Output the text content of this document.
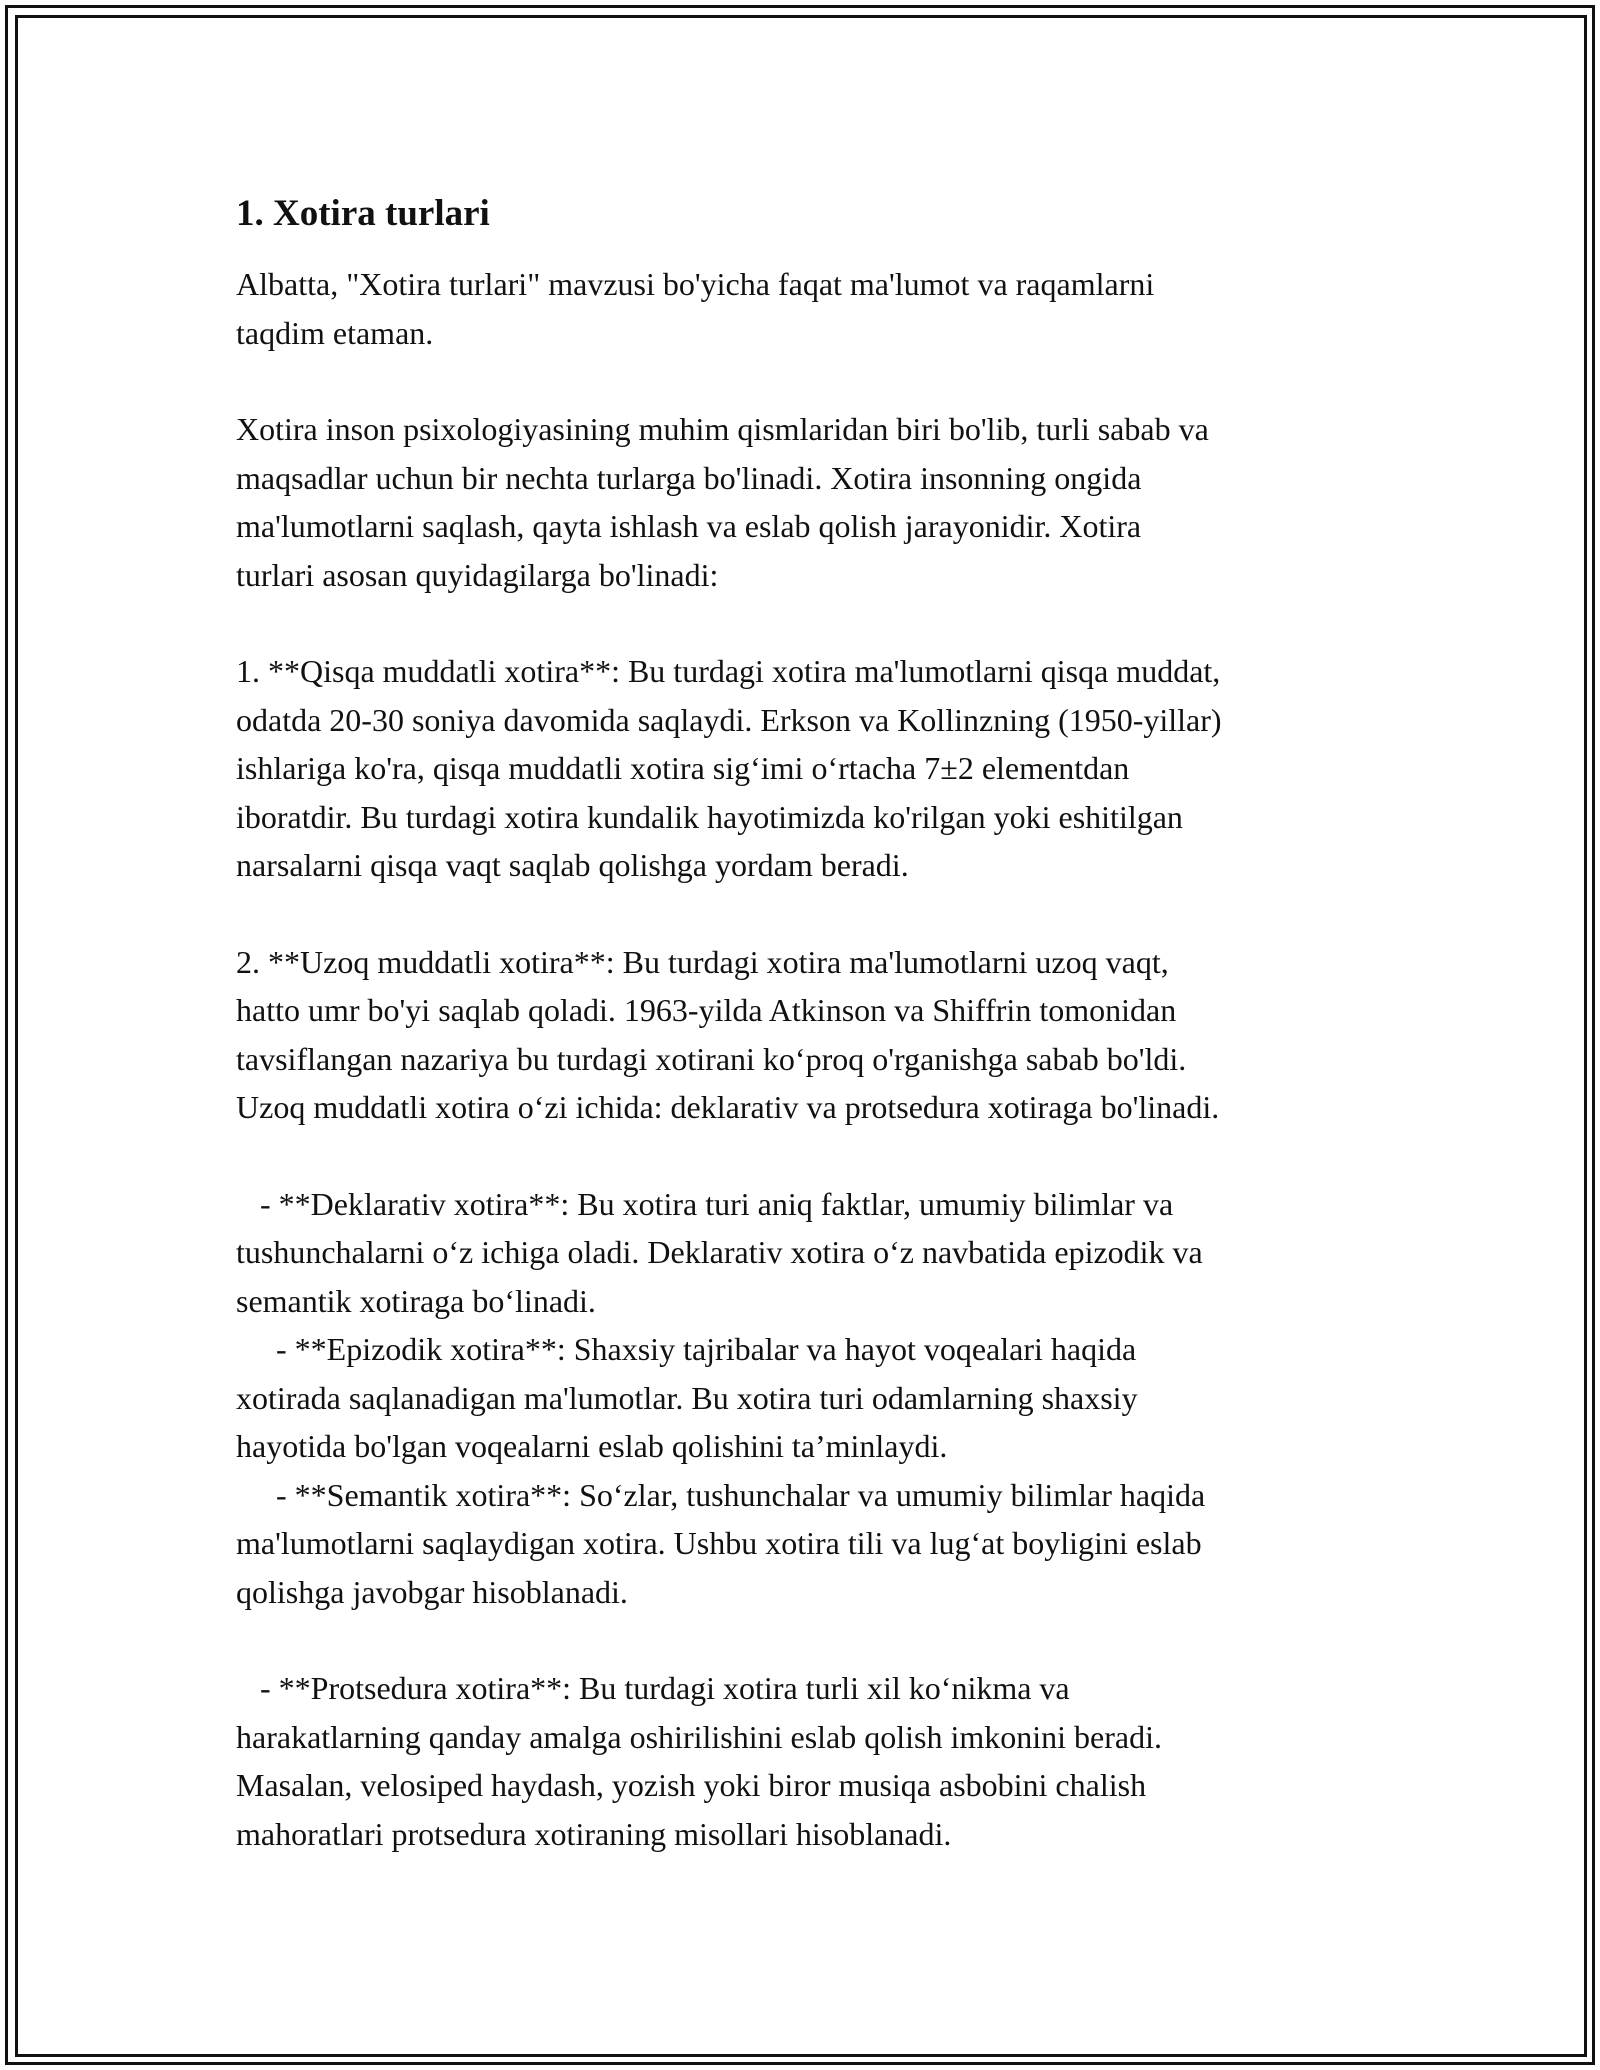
1. Xotira turlari

Albatta, "Xotira turlari" mavzusi bo'yicha faqat ma'lumot va raqamlarni
taqdim etaman.

Xotira inson psixologiyasining muhim qismlaridan biri bo'lib, turli sabab va
maqsadlar uchun bir nechta turlarga bo'linadi. Xotira insonning ongida
ma'lumotlarni saqlash, qayta ishlash va eslab qolish jarayonidir. Xotira
turlari asosan quyidagilarga bo'linadi:

1. **Qisqa muddatli xotira**: Bu turdagi xotira ma'lumotlarni qisqa muddat,
odatda 20-30 soniya davomida saqlaydi. Erkson va Kollinzning (1950-yillar)
ishlariga ko'ra, qisqa muddatli xotira sig‘imi o‘rtacha 7±2 elementdan
iboratdir. Bu turdagi xotira kundalik hayotimizda ko'rilgan yoki eshitilgan
narsalarni qisqa vaqt saqlab qolishga yordam beradi.

2. **Uzoq muddatli xotira**: Bu turdagi xotira ma'lumotlarni uzoq vaqt,
hatto umr bo'yi saqlab qoladi. 1963-yilda Atkinson va Shiffrin tomonidan
tavsiflangan nazariya bu turdagi xotirani ko‘proq o'rganishga sabab bo'ldi.
Uzoq muddatli xotira o‘zi ichida: deklarativ va protsedura xotiraga bo'linadi.

- **Deklarativ xotira**: Bu xotira turi aniq faktlar, umumiy bilimlar va
tushunchalarni o‘z ichiga oladi. Deklarativ xotira o‘z navbatida epizodik va
semantik xotiraga bo‘linadi.
- **Epizodik xotira**: Shaxsiy tajribalar va hayot voqealari haqida
xotirada saqlanadigan ma'lumotlar. Bu xotira turi odamlarning shaxsiy
hayotida bo'lgan voqealarni eslab qolishini ta’minlaydi.
- **Semantik xotira**: So‘zlar, tushunchalar va umumiy bilimlar haqida
ma'lumotlarni saqlaydigan xotira. Ushbu xotira tili va lug‘at boyligini eslab
qolishga javobgar hisoblanadi.

- **Protsedura xotira**: Bu turdagi xotira turli xil ko‘nikma va
harakatlarning qanday amalga oshirilishini eslab qolish imkonini beradi.
Masalan, velosiped haydash, yozish yoki biror musiqa asbobini chalish
mahoratlari protsedura xotiraning misollari hisoblanadi.
